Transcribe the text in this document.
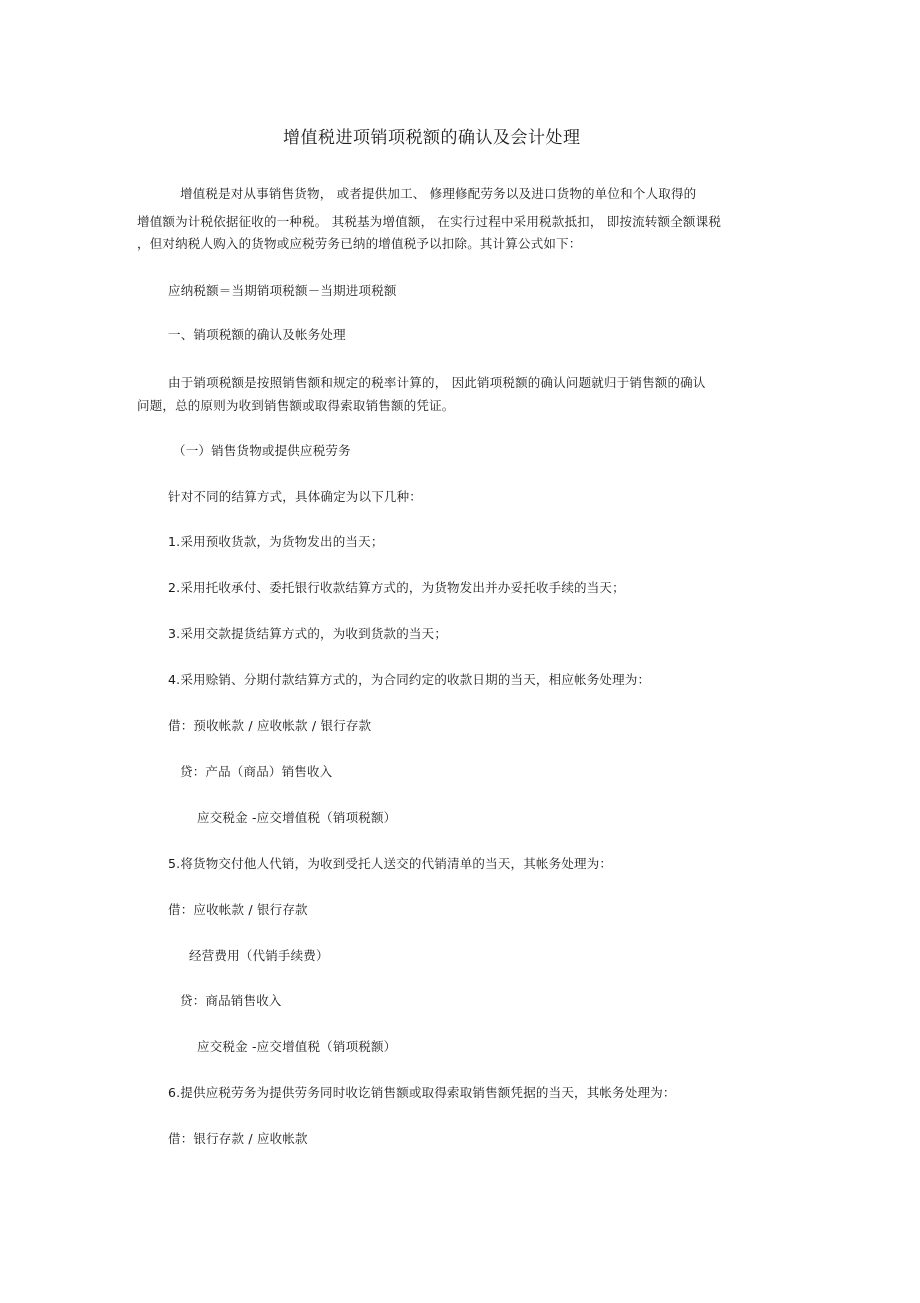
增值税进项销项税额的确认及会计处理
增值税是对从事销售货物， 或者提供加工、 修理修配劳务以及进口货物的单位和个人取得的
增值额为计税依据征收的一种税。 其税基为增值额， 在实行过程中采用税款抵扣， 即按流转额全额课税
，但对纳税人购入的货物或应税劳务已纳的增值税予以扣除。其计算公式如下：
应纳税额＝当期销项税额－当期进项税额
一、销项税额的确认及帐务处理
由于销项税额是按照销售额和规定的税率计算的， 因此销项税额的确认问题就归于销售额的确认
问题，总的原则为收到销售额或取得索取销售额的凭证。
（一）销售货物或提供应税劳务
针对不同的结算方式，具体确定为以下几种：
1.采用预收货款，为货物发出的当天；
2.采用托收承付、委托银行收款结算方式的，为货物发出并办妥托收手续的当天；
3.采用交款提货结算方式的，为收到货款的当天；
4.采用赊销、分期付款结算方式的，为合同约定的收款日期的当天，相应帐务处理为：
借：预收帐款 / 应收帐款 / 银行存款
贷：产品（商品）销售收入
应交税金 -应交增值税（销项税额）
5.将货物交付他人代销，为收到受托人送交的代销清单的当天，其帐务处理为：
借：应收帐款 / 银行存款
经营费用（代销手续费）
贷：商品销售收入
应交税金 -应交增值税（销项税额）
6.提供应税劳务为提供劳务同时收讫销售额或取得索取销售额凭据的当天，其帐务处理为：
借：银行存款 / 应收帐款
